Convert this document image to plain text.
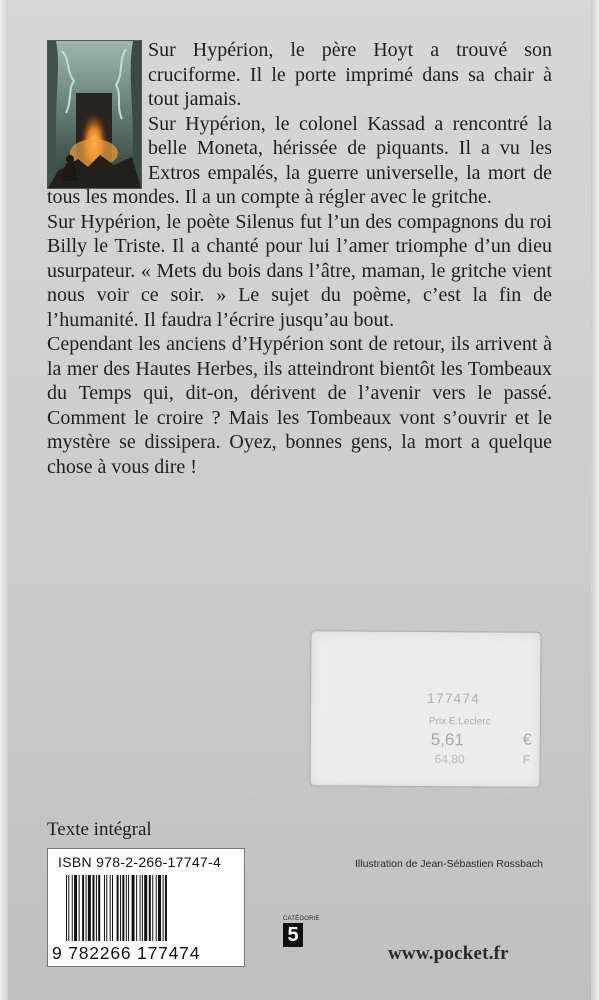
Sur Hypérion, le père Hoyt a trouvé son cruciforme. Il le porte imprimé dans sa chair à tout jamais.

Sur Hypérion, le colonel Kassad a rencontré la belle Moneta, hérissée de piquants. Il a vu les Extros empalés, la guerre universelle, la mort de tous les mondes. Il a un compte à régler avec le gritche.

Sur Hypérion, le poète Silenus fut l’un des compagnons du roi Billy le Triste. Il a chanté pour lui l’amer triomphe d’un dieu usurpateur. « Mets du bois dans l’âtre, maman, le gritche vient nous voir ce soir. » Le sujet du poème, c’est la fin de l’humanité. Il faudra l’écrire jusqu’au bout.

Cependant les anciens d’Hypérion sont de retour, ils arrivent à la mer des Hautes Herbes, ils atteindront bientôt les Tombeaux du Temps qui, dit-on, dérivent de l’avenir vers le passé. Comment le croire ? Mais les Tombeaux vont s’ouvrir et le mystère se dissipera. Oyez, bonnes gens, la mort a quelque chose à vous dire !

177474
Prix E.Leclerc
5,61	€
64,80	F
Texte intégral
Illustration de Jean-Sébastien Rossbach
ISBN 978-2-266-17747-4
9 782266 177474
CATÉGORIE
5
www.pocket.fr
